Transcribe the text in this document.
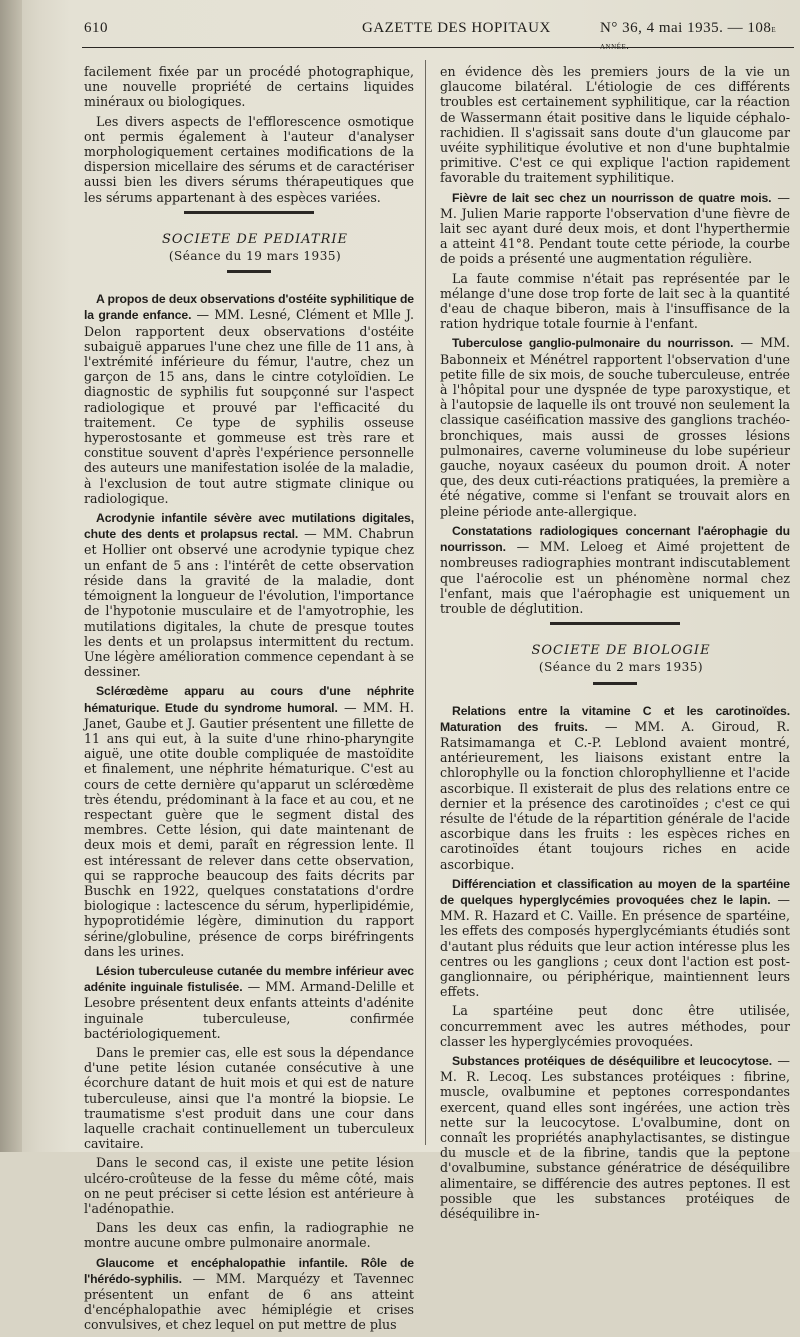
610	GAZETTE DES HOPITAUX	N° 36, 4 mai 1935. — 108e année.

facilement fixée par un procédé photographique, une nouvelle propriété de certains liquides minéraux ou biologiques.

Les divers aspects de l'efflorescence osmotique ont permis également à l'auteur d'analyser morphologiquement certaines modifications de la dispersion micellaire des sérums et de caractériser aussi bien les divers sérums thérapeutiques que les sérums appartenant à des espèces variées.

SOCIETE DE PEDIATRIE

(Séance du 19 mars 1935)

A propos de deux observations d'ostéite syphilitique de la grande enfance. — MM. Lesné, Clément et Mlle J. Delon rapportent deux observations d'ostéite subaiguë apparues l'une chez une fille de 11 ans, à l'extrémité inférieure du fémur, l'autre, chez un garçon de 15 ans, dans le cintre cotyloïdien. Le diagnostic de syphilis fut soupçonné sur l'aspect radiologique et prouvé par l'efficacité du traitement. Ce type de syphilis osseuse hyperostosante et gommeuse est très rare et constitue souvent d'après l'expérience personnelle des auteurs une manifestation isolée de la maladie, à l'exclusion de tout autre stigmate clinique ou radiologique.

Acrodynie infantile sévère avec mutilations digitales, chute des dents et prolapsus rectal. — MM. Chabrun et Hollier ont observé une acrodynie typique chez un enfant de 5 ans : l'intérêt de cette observation réside dans la gravité de la maladie, dont témoignent la longueur de l'évolution, l'importance de l'hypotonie musculaire et de l'amyotrophie, les mutilations digitales, la chute de presque toutes les dents et un prolapsus intermittent du rectum. Une légère amélioration commence cependant à se dessiner.

Sclérœdème apparu au cours d'une néphrite hématurique. Etude du syndrome humoral. — MM. H. Janet, Gaube et J. Gautier présentent une fillette de 11 ans qui eut, à la suite d'une rhino-pharyngite aiguë, une otite double compliquée de mastoïdite et finalement, une néphrite hématurique. C'est au cours de cette dernière qu'apparut un sclérœdème très étendu, prédominant à la face et au cou, et ne respectant guère que le segment distal des membres. Cette lésion, qui date maintenant de deux mois et demi, paraît en régression lente. Il est intéressant de relever dans cette observation, qui se rapproche beaucoup des faits décrits par Buschk en 1922, quelques constatations d'ordre biologique : lactescence du sérum, hyperlipidémie, hypoprotidémie légère, diminution du rapport sérine/globuline, présence de corps biréfringents dans les urines.

Lésion tuberculeuse cutanée du membre inférieur avec adénite inguinale fistulisée. — MM. Armand-Delille et Lesobre présentent deux enfants atteints d'adénite inguinale tuberculeuse, confirmée bactériologiquement.

Dans le premier cas, elle est sous la dépendance d'une petite lésion cutanée consécutive à une écorchure datant de huit mois et qui est de nature tuberculeuse, ainsi que l'a montré la biopsie. Le traumatisme s'est produit dans une cour dans laquelle crachait continuellement un tuberculeux cavitaire.

Dans le second cas, il existe une petite lésion ulcéro-croûteuse de la fesse du même côté, mais on ne peut préciser si cette lésion est antérieure à l'adénopathie.

Dans les deux cas enfin, la radiographie ne montre aucune ombre pulmonaire anormale.

Glaucome et encéphalopathie infantile. Rôle de l'hérédo-syphilis. — MM. Marquézy et Tavennec présentent un enfant de 6 ans atteint d'encéphalopathie avec hémiplégie et crises convulsives, et chez lequel on put mettre de plus

en évidence dès les premiers jours de la vie un glaucome bilatéral. L'étiologie de ces différents troubles est certainement syphilitique, car la réaction de Wassermann était positive dans le liquide céphalo-rachidien. Il s'agissait sans doute d'un glaucome par uvéite syphilitique évolutive et non d'une buphtalmie primitive. C'est ce qui explique l'action rapidement favorable du traitement syphilitique.

Fièvre de lait sec chez un nourrisson de quatre mois. — M. Julien Marie rapporte l'observation d'une fièvre de lait sec ayant duré deux mois, et dont l'hyperthermie a atteint 41°8. Pendant toute cette période, la courbe de poids a présenté une augmentation régulière.

La faute commise n'était pas représentée par le mélange d'une dose trop forte de lait sec à la quantité d'eau de chaque biberon, mais à l'insuffisance de la ration hydrique totale fournie à l'enfant.

Tuberculose ganglio-pulmonaire du nourrisson. — MM. Babonneix et Ménétrel rapportent l'observation d'une petite fille de six mois, de souche tuberculeuse, entrée à l'hôpital pour une dyspnée de type paroxystique, et à l'autopsie de laquelle ils ont trouvé non seulement la classique caséification massive des ganglions trachéo-bronchiques, mais aussi de grosses lésions pulmonaires, caverne volumineuse du lobe supérieur gauche, noyaux caséeux du poumon droit. A noter que, des deux cuti-réactions pratiquées, la première a été négative, comme si l'enfant se trouvait alors en pleine période ante-allergique.

Constatations radiologiques concernant l'aérophagie du nourrisson. — MM. Leloeg et Aimé projettent de nombreuses radiographies montrant indiscutablement que l'aérocolie est un phénomène normal chez l'enfant, mais que l'aérophagie est uniquement un trouble de déglutition.

SOCIETE DE BIOLOGIE

(Séance du 2 mars 1935)

Relations entre la vitamine C et les carotinoïdes. Maturation des fruits. — MM. A. Giroud, R. Ratsimamanga et C.-P. Leblond avaient montré, antérieurement, les liaisons existant entre la chlorophylle ou la fonction chlorophyllienne et l'acide ascorbique. Il existerait de plus des relations entre ce dernier et la présence des carotinoïdes ; c'est ce qui résulte de l'étude de la répartition générale de l'acide ascorbique dans les fruits : les espèces riches en carotinoïdes étant toujours riches en acide ascorbique.

Différenciation et classification au moyen de la spartéine de quelques hyperglycémies provoquées chez le lapin. — MM. R. Hazard et C. Vaille. En présence de spartéine, les effets des composés hyperglycémiants étudiés sont d'autant plus réduits que leur action intéresse plus les centres ou les ganglions ; ceux dont l'action est post-ganglionnaire, ou périphérique, maintiennent leurs effets.

La spartéine peut donc être utilisée, concurremment avec les autres méthodes, pour classer les hyperglycémies provoquées.

Substances protéiques de déséquilibre et leucocytose. — M. R. Lecoq. Les substances protéiques : fibrine, muscle, ovalbumine et peptones correspondantes exercent, quand elles sont ingérées, une action très nette sur la leucocytose. L'ovalbumine, dont on connaît les propriétés anaphylactisantes, se distingue du muscle et de la fibrine, tandis que la peptone d'ovalbumine, substance génératrice de déséquilibre alimentaire, se différencie des autres peptones. Il est possible que les substances protéiques de déséquilibre in-
